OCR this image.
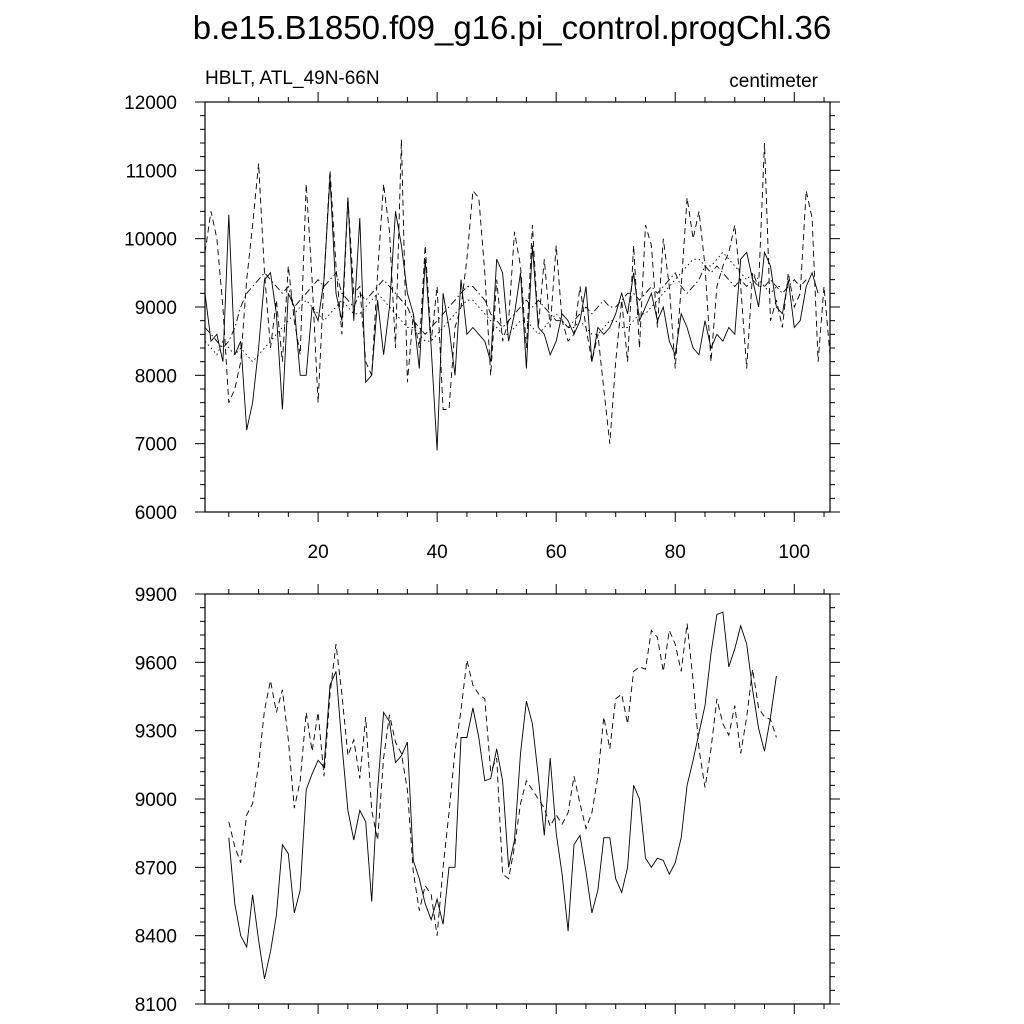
b.e15.B1850.f09_g16.pi_control.progChl.36
HBLT, ATL_49N-66N	centimeter
6000
7000
8000
9000
10000
11000
12000
20	40	60	80	100
8100
8400
8700
9000
9300
9600
9900
